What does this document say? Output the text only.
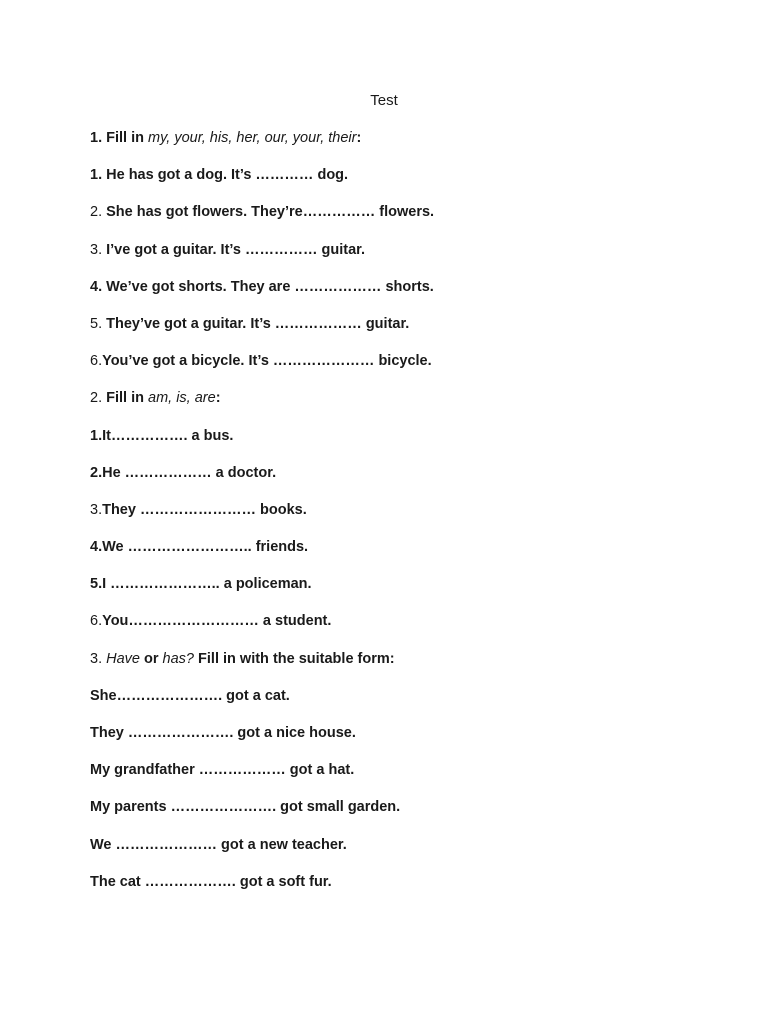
Test
1. Fill in my, your, his, her, our, your, their:
1. He has got a dog. It’s ………… dog.
2. She has got flowers. They’re…………… flowers.
3. I’ve got a guitar. It’s …………… guitar.
4. We’ve got shorts. They are ……………… shorts.
5. They’ve got a guitar. It’s ……………… guitar.
6.You’ve got a bicycle. It’s ………………… bicycle.
2. Fill in am, is, are:
1.It……………. a bus.
2.He ……………… a doctor.
3.They …………………… books.
4.We …………………….. friends.
5.I ………………….. a policeman.
6.You……………………… a student.
3. Have or has? Fill in with the suitable form:
She…………………. got a cat.
They …………………. got a nice house.
My grandfather ……………… got a hat.
My parents …………………. got small garden.
We ………………… got a new teacher.
The cat ………………. got a soft fur.
